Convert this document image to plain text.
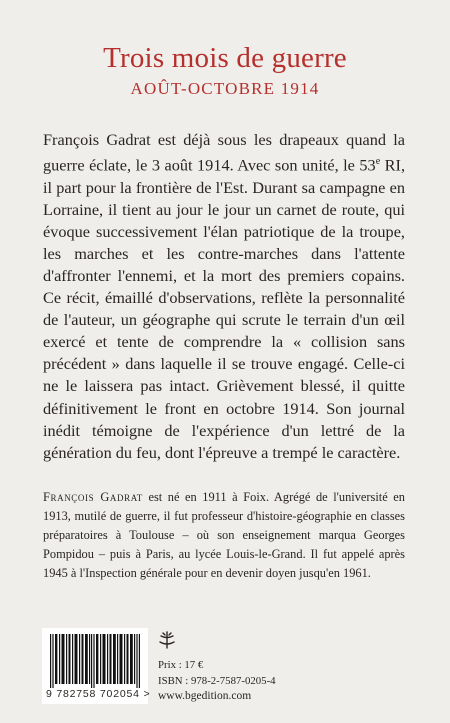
Trois mois de guerre
AOÛT-OCTOBRE 1914

François Gadrat est déjà sous les drapeaux quand la guerre éclate, le 3 août 1914. Avec son unité, le 53e RI, il part pour la frontière de l'Est. Durant sa campagne en Lorraine, il tient au jour le jour un carnet de route, qui évoque successivement l'élan patriotique de la troupe, les marches et les contre-marches dans l'attente d'affronter l'ennemi, et la mort des premiers copains. Ce récit, émaillé d'observations, reflète la personnalité de l'auteur, un géographe qui scrute le terrain d'un œil exercé et tente de comprendre la « collision sans précédent » dans laquelle il se trouve engagé. Celle-ci ne le laissera pas intact. Grièvement blessé, il quitte définitivement le front en octobre 1914. Son journal inédit témoigne de l'expérience d'un lettré de la génération du feu, dont l'épreuve a trempé le caractère.

François Gadrat est né en 1911 à Foix. Agrégé de l'université en 1913, mutilé de guerre, il fut professeur d'histoire-géographie en classes préparatoires à Toulouse – où son enseignement marqua Georges Pompidou – puis à Paris, au lycée Louis-le-Grand. Il fut appelé après 1945 à l'Inspection générale pour en devenir doyen jusqu'en 1961.

9 782758 702054 >
Prix : 17 €
ISBN : 978-2-7587-0205-4
www.bgedition.com
